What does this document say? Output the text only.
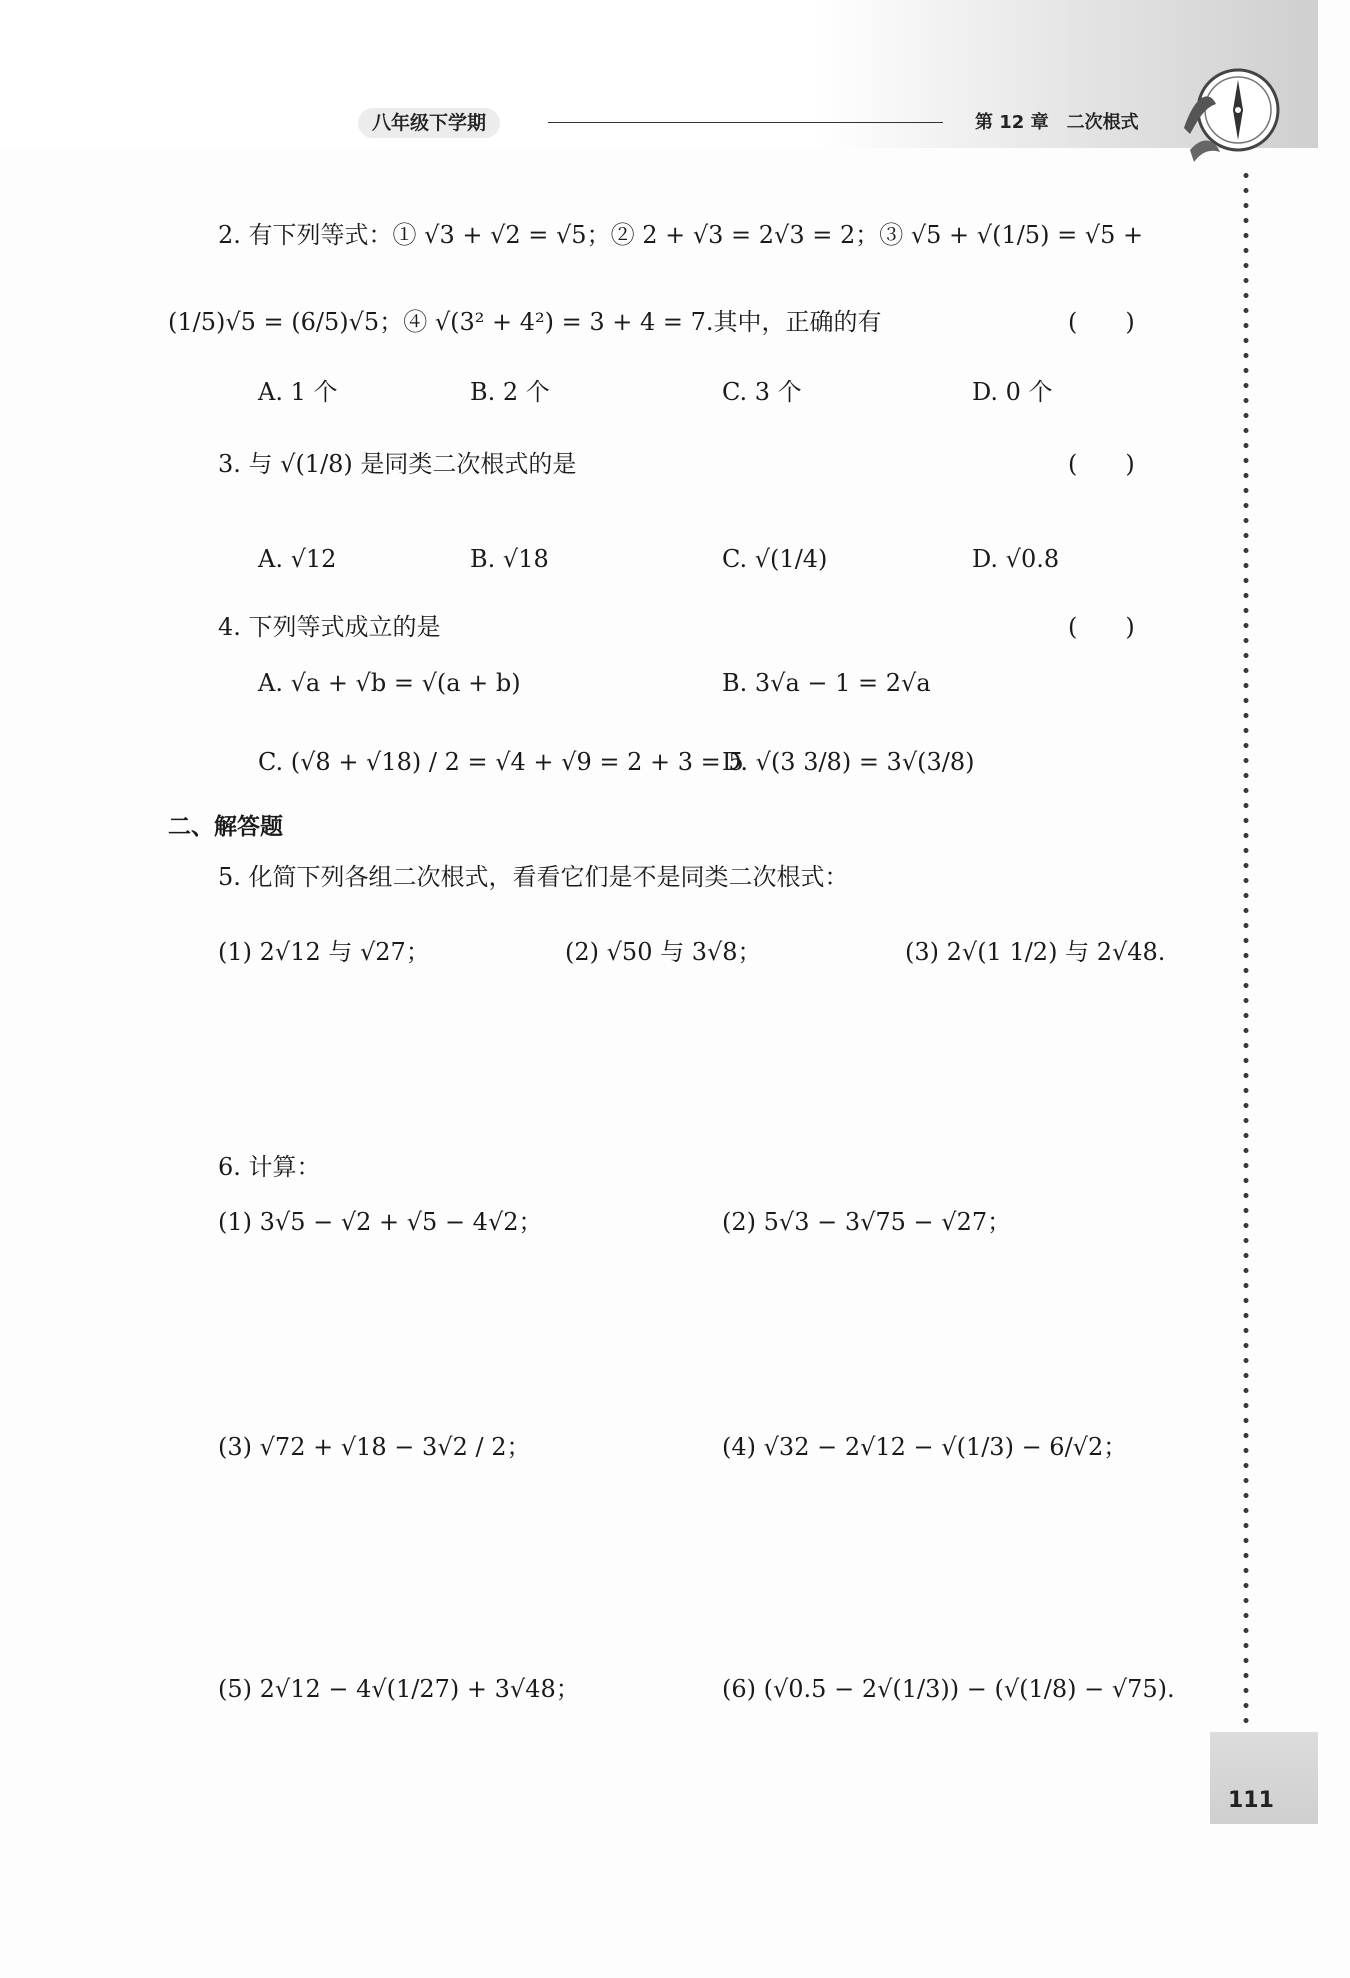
八年级下学期	第 12 章　二次根式
2. 有下列等式：① √3 + √2 = √5；② 2 + √3 = 2√3 = 2；③ √5 + √(1/5) = √5 +
(1/5)√5 = (6/5)√5；④ √(3² + 4²) = 3 + 4 = 7.其中，正确的有	(　　)
A. 1 个	B. 2 个	C. 3 个	D. 0 个
3. 与 √(1/8) 是同类二次根式的是	(　　)
A. √12	B. √18	C. √(1/4)	D. √0.8
4. 下列等式成立的是	(　　)
A. √a + √b = √(a + b)	B. 3√a − 1 = 2√a
C. (√8 + √18) / 2 = √4 + √9 = 2 + 3 = 5
D. √(3 3/8) = 3√(3/8)
二、解答题
5. 化简下列各组二次根式，看看它们是不是同类二次根式：
(1) 2√12 与 √27；	(2) √50 与 3√8；	(3) 2√(1 1/2) 与 2√48.
6. 计算：
(1) 3√5 − √2 + √5 − 4√2；	(2) 5√3 − 3√75 − √27；
(3) √72 + √18 − 3√2 / 2；	(4) √32 − 2√12 − √(1/3) − 6/√2；
(5) 2√12 − 4√(1/27) + 3√48；	(6) (√0.5 − 2√(1/3)) − (√(1/8) − √75).
111
